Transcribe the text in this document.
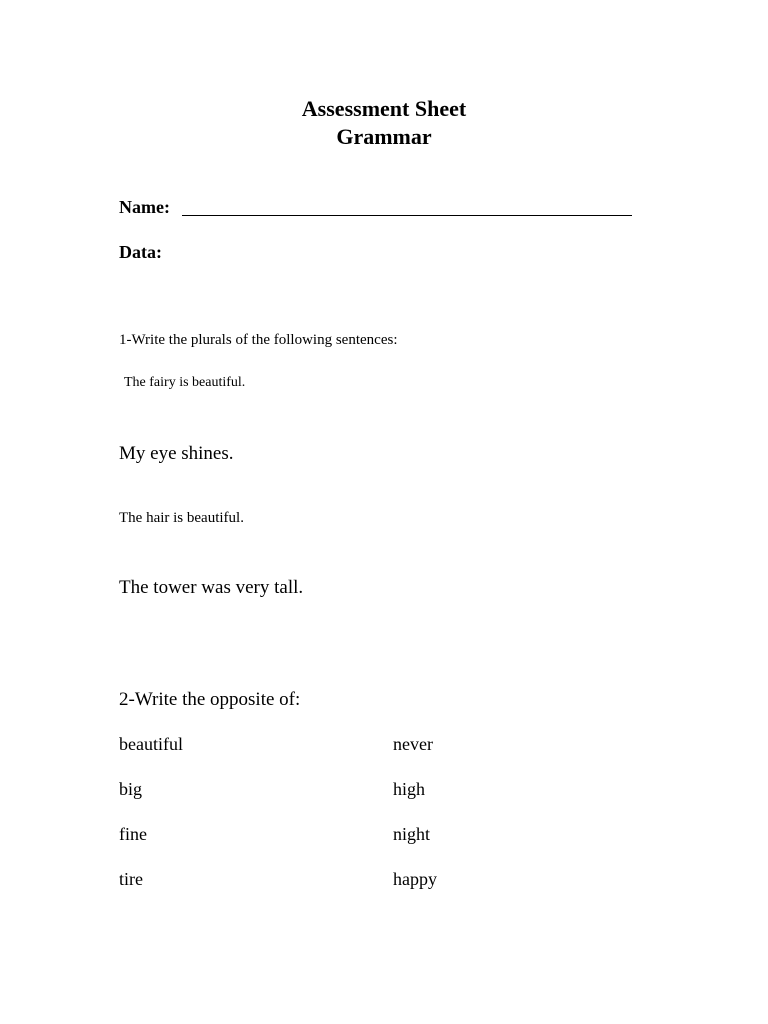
Assessment Sheet
Grammar
Name:
Data:
1-Write the plurals of the following sentences:
The fairy is beautiful.
My eye shines.
The hair is beautiful.
The tower was very tall.
2-Write the opposite of:
beautiful	never
big	high
fine	night
tire	happy
